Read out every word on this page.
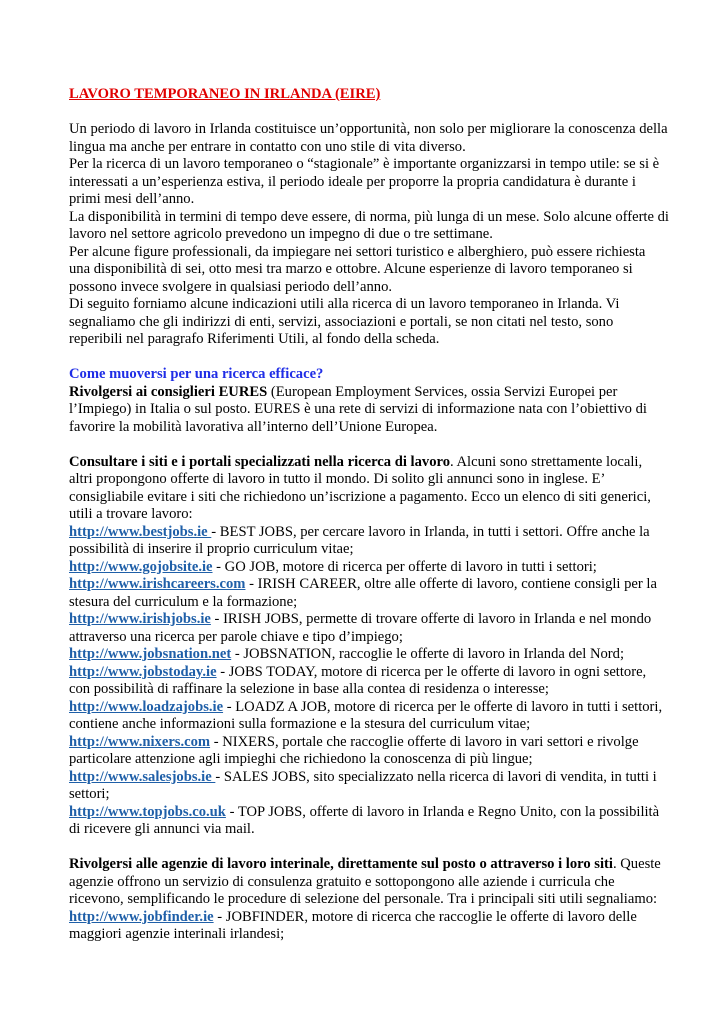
LAVORO TEMPORANEO IN IRLANDA (EIRE)

Un periodo di lavoro in Irlanda costituisce un’opportunità, non solo per migliorare la conoscenza della lingua ma anche per entrare in contatto con uno stile di vita diverso.

Per la ricerca di un lavoro temporaneo o “stagionale” è importante organizzarsi in tempo utile: se si è interessati a un’esperienza estiva, il periodo ideale per proporre la propria candidatura è durante i primi mesi dell’anno.

La disponibilità in termini di tempo deve essere, di norma, più lunga di un mese. Solo alcune offerte di lavoro nel settore agricolo prevedono un impegno di due o tre settimane.

Per alcune figure professionali, da impiegare nei settori turistico e alberghiero, può essere richiesta una disponibilità di sei, otto mesi tra marzo e ottobre. Alcune esperienze di lavoro temporaneo si possono invece svolgere in qualsiasi periodo dell’anno.

Di seguito forniamo alcune indicazioni utili alla ricerca di un lavoro temporaneo in Irlanda. Vi segnaliamo che gli indirizzi di enti, servizi, associazioni e portali, se non citati nel testo, sono reperibili nel paragrafo Riferimenti Utili, al fondo della scheda.

Come muoversi per una ricerca efficace?

Rivolgersi ai consiglieri EURES (European Employment Services, ossia Servizi Europei per l’Impiego) in Italia o sul posto. EURES è una rete di servizi di informazione nata con l’obiettivo di favorire la mobilità lavorativa all’interno dell’Unione Europea.

Consultare i siti e i portali specializzati nella ricerca di lavoro. Alcuni sono strettamente locali, altri propongono offerte di lavoro in tutto il mondo. Di solito gli annunci sono in inglese. E’ consigliabile evitare i siti che richiedono un’iscrizione a pagamento. Ecco un elenco di siti generici, utili a trovare lavoro:

http://www.bestjobs.ie - BEST JOBS, per cercare lavoro in Irlanda, in tutti i settori. Offre anche la possibilità di inserire il proprio curriculum vitae;

http://www.gojobsite.ie - GO JOB, motore di ricerca per offerte di lavoro in tutti i settori;

http://www.irishcareers.com - IRISH CAREER, oltre alle offerte di lavoro, contiene consigli per la stesura del curriculum e la formazione;

http://www.irishjobs.ie - IRISH JOBS, permette di trovare offerte di lavoro in Irlanda e nel mondo attraverso una ricerca per parole chiave e tipo d’impiego;

http://www.jobsnation.net - JOBSNATION, raccoglie le offerte di lavoro in Irlanda del Nord;

http://www.jobstoday.ie - JOBS TODAY, motore di ricerca per le offerte di lavoro in ogni settore, con possibilità di raffinare la selezione in base alla contea di residenza o interesse;

http://www.loadzajobs.ie - LOADZ A JOB, motore di ricerca per le offerte di lavoro in tutti i settori, contiene anche informazioni sulla formazione e la stesura del curriculum vitae;

http://www.nixers.com - NIXERS, portale che raccoglie offerte di lavoro in vari settori e rivolge particolare attenzione agli impieghi che richiedono la conoscenza di più lingue;

http://www.salesjobs.ie - SALES JOBS, sito specializzato nella ricerca di lavori di vendita, in tutti i settori;

http://www.topjobs.co.uk - TOP JOBS, offerte di lavoro in Irlanda e Regno Unito, con la possibilità di ricevere gli annunci via mail.

Rivolgersi alle agenzie di lavoro interinale, direttamente sul posto o attraverso i loro siti. Queste agenzie offrono un servizio di consulenza gratuito e sottopongono alle aziende i curricula che ricevono, semplificando le procedure di selezione del personale. Tra i principali siti utili segnaliamo:

http://www.jobfinder.ie - JOBFINDER, motore di ricerca che raccoglie le offerte di lavoro delle maggiori agenzie interinali irlandesi;
